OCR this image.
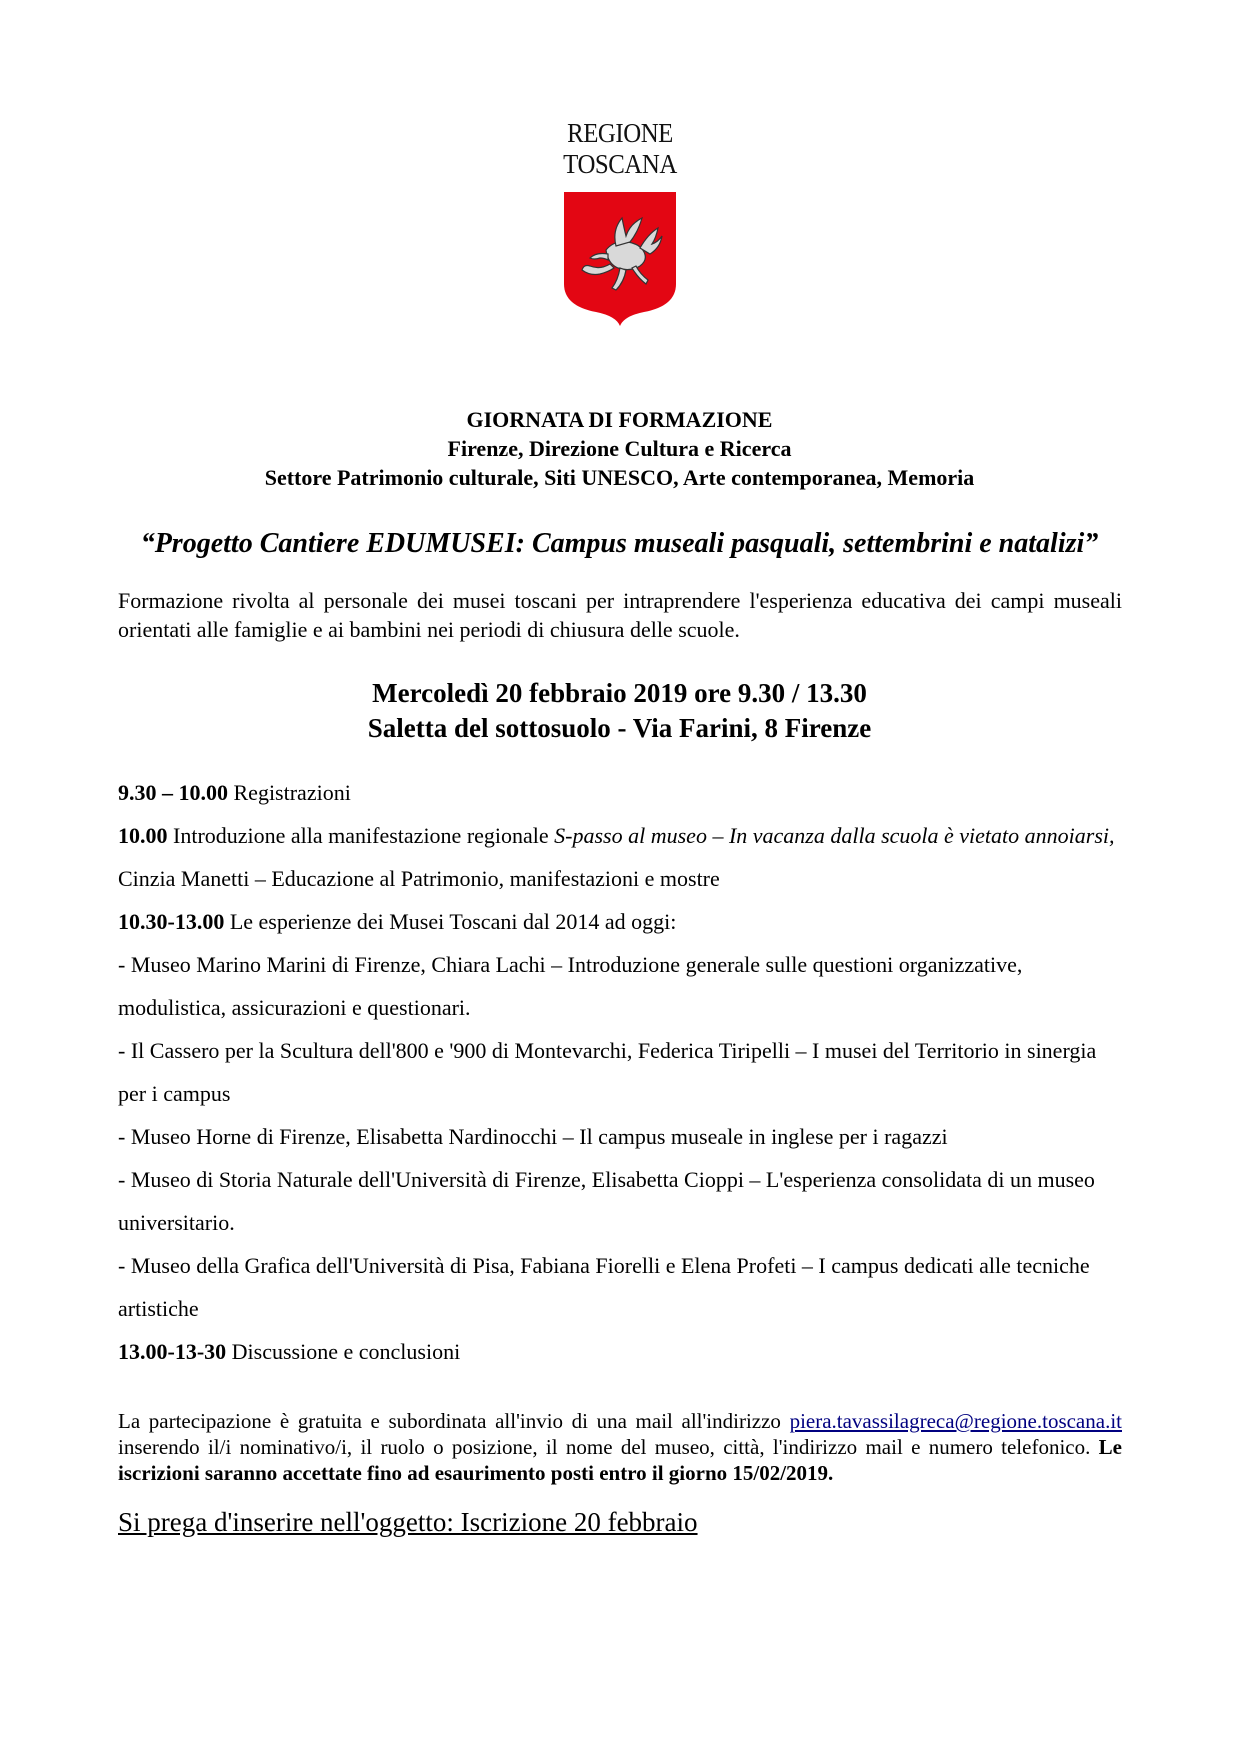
REGIONE
TOSCANA
GIORNATA DI FORMAZIONE
Firenze, Direzione Cultura e Ricerca
Settore Patrimonio culturale, Siti UNESCO, Arte contemporanea, Memoria
“Progetto Cantiere EDUMUSEI: Campus museali pasquali, settembrini e natalizi”
Formazione rivolta al personale dei musei toscani per intraprendere l'esperienza educativa dei campi museali orientati alle famiglie e ai bambini nei periodi di chiusura delle scuole.
Mercoledì 20 febbraio 2019 ore 9.30 / 13.30
Saletta del sottosuolo - Via Farini, 8 Firenze

9.30 – 10.00 Registrazioni

10.00 Introduzione alla manifestazione regionale S-passo al museo – In vacanza dalla scuola è vietato annoiarsi, Cinzia Manetti – Educazione al Patrimonio, manifestazioni e mostre

10.30-13.00 Le esperienze dei Musei Toscani dal 2014 ad oggi:

- Museo Marino Marini di Firenze, Chiara Lachi – Introduzione generale sulle questioni organizzative, modulistica, assicurazioni e questionari.

- Il Cassero per la Scultura dell'800 e '900 di Montevarchi, Federica Tiripelli – I musei del Territorio in sinergia per i campus

- Museo Horne di Firenze, Elisabetta Nardinocchi – Il campus museale in inglese per i ragazzi

- Museo di Storia Naturale dell'Università di Firenze, Elisabetta Cioppi – L'esperienza consolidata di un museo universitario.

- Museo della Grafica dell'Università di Pisa, Fabiana Fiorelli e Elena Profeti – I campus dedicati alle tecniche artistiche

13.00-13-30 Discussione e conclusioni

La partecipazione è gratuita e subordinata all'invio di una mail all'indirizzo piera.tavassilagreca@regione.toscana.it inserendo il/i nominativo/i, il ruolo o posizione, il nome del museo, città, l'indirizzo mail e numero telefonico. Le iscrizioni saranno accettate fino ad esaurimento posti entro il giorno 15/02/2019.
Si prega d'inserire nell'oggetto: Iscrizione 20 febbraio
